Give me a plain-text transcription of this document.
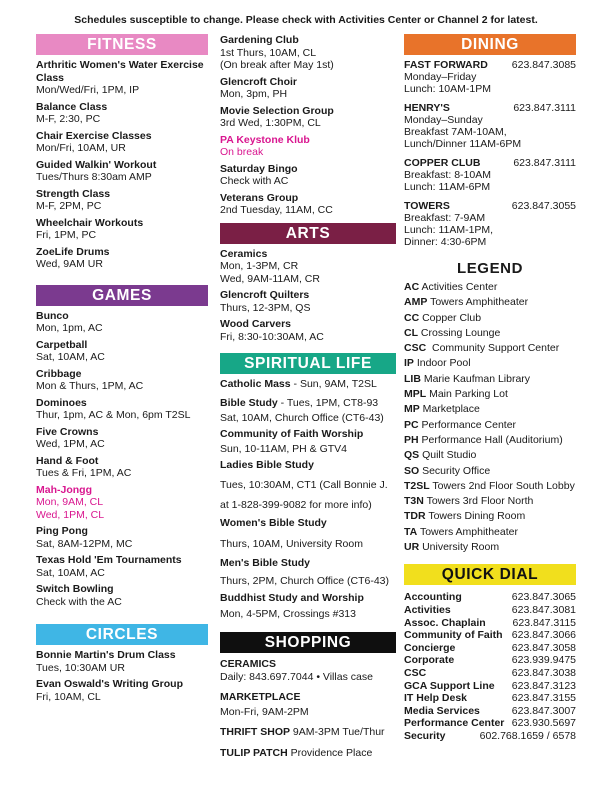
Schedules susceptible to change. Please check with Activities Center or Channel 2 for latest.
FITNESS
Arthritic Women's Water Exercise Class
Mon/Wed/Fri, 1PM, IP
Balance Class
M-F, 2:30, PC
Chair Exercise Classes
Mon/Fri, 10AM, UR
Guided Walkin' Workout
Tues/Thurs 8:30am AMP
Strength Class
M-F, 2PM, PC
Wheelchair Workouts
Fri, 1PM, PC
ZoeLife Drums
Wed, 9AM UR
GAMES
Bunco
Mon, 1pm, AC
Carpetball
Sat, 10AM, AC
Cribbage
Mon & Thurs, 1PM, AC
Dominoes
Thur, 1pm, AC & Mon, 6pm T2SL
Five Crowns
Wed, 1PM, AC
Hand & Foot
Tues & Fri, 1PM, AC
Mah-Jongg
Mon, 9AM, CL
Wed, 1PM, CL
Ping Pong
Sat, 8AM-12PM, MC
Texas Hold 'Em Tournaments
Sat, 10AM, AC
Switch Bowling
Check with the AC
CIRCLES
Bonnie Martin's Drum Class
Tues, 10:30AM UR
Evan Oswald's Writing Group
Fri, 10AM, CL
Gardening Club
1st Thurs, 10AM, CL
(On break after May 1st)
Glencroft Choir
Mon, 3pm, PH
Movie Selection Group
3rd Wed, 1:30PM, CL
PA Keystone Klub
On break
Saturday Bingo
Check with AC
Veterans Group
2nd Tuesday, 11AM, CC
ARTS
Ceramics
Mon, 1-3PM, CR
Wed, 9AM-11AM, CR
Glencroft Quilters
Thurs, 12-3PM, QS
Wood Carvers
Fri, 8:30-10:30AM, AC
SPIRITUAL LIFE
Catholic Mass - Sun, 9AM, T2SL
Bible Study - Tues, 1PM, CT8-93
Sat, 10AM, Church Office (CT6-43)
Community of Faith Worship
Sun, 10-11AM, PH & GTV4
Ladies Bible Study
Tues, 10:30AM, CT1 (Call Bonnie J.
at 1-828-399-9082 for more info)
Women's Bible Study
Thurs, 10AM, University Room
Men's Bible Study
Thurs, 2PM, Church Office (CT6-43)
Buddhist Study and Worship
Mon, 4-5PM, Crossings #313
SHOPPING
CERAMICS
Daily: 843.697.7044 • Villas case
MARKETPLACE
Mon-Fri, 9AM-2PM
THRIFT SHOP 9AM-3PM Tue/Thur
TULIP PATCH Providence Place
DINING
FAST FORWARD 623.847.3085
Monday–Friday
Lunch: 10AM-1PM
HENRY'S	623.847.3111
Monday–Sunday
Breakfast 7AM-10AM,
Lunch/Dinner 11AM-6PM
COPPER CLUB	623.847.3111
Breakfast: 8-10AM
Lunch: 11AM-6PM
TOWERS	623.847.3055
Breakfast: 7-9AM
Lunch: 11AM-1PM,
Dinner: 4:30-6PM
LEGEND
AC Activities Center
AMP Towers Amphitheater
CC Copper Club
CL Crossing Lounge
CSC  Community Support Center
IP Indoor Pool
LIB Marie Kaufman Library
MPL Main Parking Lot
MP Marketplace
PC Performance Center
PH Performance Hall (Auditorium)
QS Quilt Studio
SO Security Office
T2SL Towers 2nd Floor South Lobby
T3N Towers 3rd Floor North
TDR Towers Dining Room
TA Towers Amphitheater
UR University Room
QUICK DIAL
Accounting	623.847.3065
Activities	623.847.3081
Assoc. Chaplain	623.847.3115
Community of Faith 623.847.3066
Concierge	623.847.3058
Corporate	623.939.9475
CSC	623.847.3038
GCA Support Line 623.847.3123
IT Help Desk	623.847.3155
Media Services	623.847.3007
Performance Center 623.930.5697
Security	602.768.1659 / 6578
